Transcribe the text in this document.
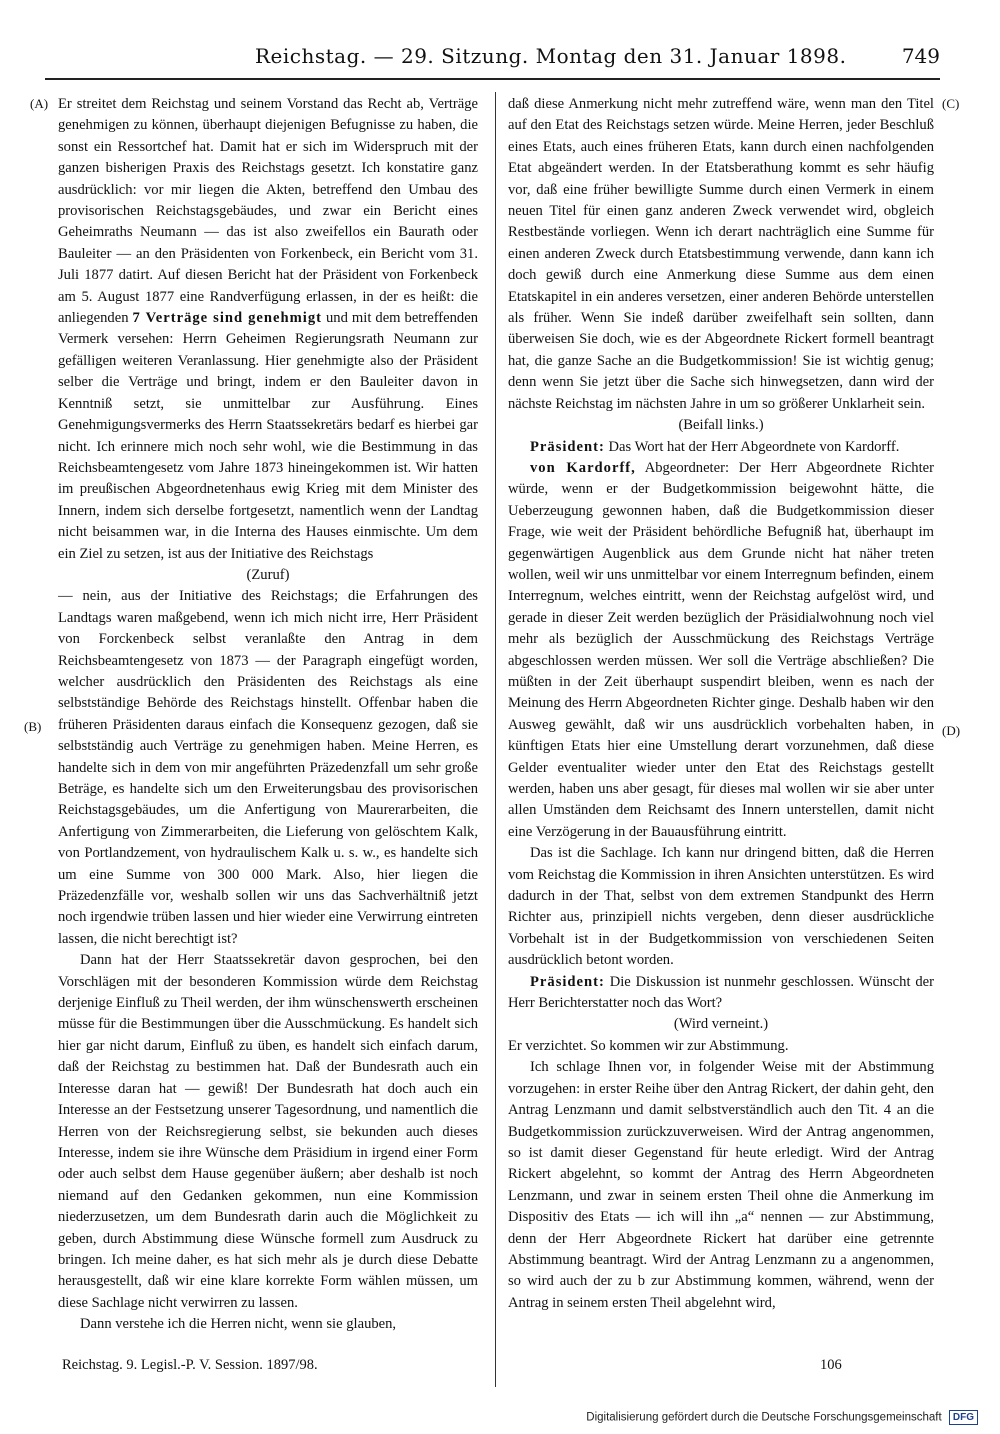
Reichstag. — 29. Sitzung. Montag den 31. Januar 1898.	749
(A)
(B)
(C)
(D)

Er streitet dem Reichstag und seinem Vorstand das Recht ab, Verträge genehmigen zu können, überhaupt diejenigen Befugnisse zu haben, die sonst ein Ressortchef hat. Damit hat er sich im Widerspruch mit der ganzen bisherigen Praxis des Reichstags gesetzt. Ich konstatire ganz ausdrücklich: vor mir liegen die Akten, betreffend den Umbau des provisorischen Reichstagsgebäudes, und zwar ein Bericht eines Geheimraths Neumann — das ist also zweifellos ein Baurath oder Bauleiter — an den Präsidenten von Forkenbeck, ein Bericht vom 31. Juli 1877 datirt. Auf diesen Bericht hat der Präsident von Forkenbeck am 5. August 1877 eine Randverfügung erlassen, in der es heißt: die anliegenden 7 Verträge sind genehmigt und mit dem betreffenden Vermerk versehen: Herrn Geheimen Regierungsrath Neumann zur gefälligen weiteren Veranlassung. Hier genehmigte also der Präsident selber die Verträge und bringt, indem er den Bauleiter davon in Kenntniß setzt, sie unmittelbar zur Ausführung. Eines Genehmigungsvermerks des Herrn Staatssekretärs bedarf es hierbei gar nicht. Ich erinnere mich noch sehr wohl, wie die Bestimmung in das Reichsbeamtengesetz vom Jahre 1873 hineingekommen ist. Wir hatten im preußischen Abgeordnetenhaus ewig Krieg mit dem Minister des Innern, indem sich derselbe fortgesetzt, namentlich wenn der Landtag nicht beisammen war, in die Interna des Hauses einmischte. Um dem ein Ziel zu setzen, ist aus der Initiative des Reichstags

(Zuruf)

— nein, aus der Initiative des Reichstags; die Erfahrungen des Landtags waren maßgebend, wenn ich mich nicht irre, Herr Präsident von Forckenbeck selbst veranlaßte den Antrag in dem Reichsbeamtengesetz von 1873 — der Paragraph eingefügt worden, welcher ausdrücklich den Präsidenten des Reichstags als eine selbstständige Behörde des Reichstags hinstellt. Offenbar haben die früheren Präsidenten daraus einfach die Konsequenz gezogen, daß sie selbstständig auch Verträge zu genehmigen haben. Meine Herren, es handelte sich in dem von mir angeführten Präzedenzfall um sehr große Beträge, es handelte sich um den Erweiterungsbau des provisorischen Reichstagsgebäudes, um die Anfertigung von Maurerarbeiten, die Anfertigung von Zimmerarbeiten, die Lieferung von gelöschtem Kalk, von Portlandzement, von hydraulischem Kalk u. s. w., es handelte sich um eine Summe von 300 000 Mark. Also, hier liegen die Präzedenzfälle vor, weshalb sollen wir uns das Sachverhältniß jetzt noch irgendwie trüben lassen und hier wieder eine Verwirrung eintreten lassen, die nicht berechtigt ist?

Dann hat der Herr Staatssekretär davon gesprochen, bei den Vorschlägen mit der besonderen Kommission würde dem Reichstag derjenige Einfluß zu Theil werden, der ihm wünschenswerth erscheinen müsse für die Bestimmungen über die Ausschmückung. Es handelt sich hier gar nicht darum, Einfluß zu üben, es handelt sich einfach darum, daß der Reichstag zu bestimmen hat. Daß der Bundesrath auch ein Interesse daran hat — gewiß! Der Bundesrath hat doch auch ein Interesse an der Festsetzung unserer Tagesordnung, und namentlich die Herren von der Reichsregierung selbst, sie bekunden auch dieses Interesse, indem sie ihre Wünsche dem Präsidium in irgend einer Form oder auch selbst dem Hause gegenüber äußern; aber deshalb ist noch niemand auf den Gedanken gekommen, nun eine Kommission niederzusetzen, um dem Bundesrath darin auch die Möglichkeit zu geben, durch Abstimmung diese Wünsche formell zum Ausdruck zu bringen. Ich meine daher, es hat sich mehr als je durch diese Debatte herausgestellt, daß wir eine klare korrekte Form wählen müssen, um diese Sachlage nicht verwirren zu lassen.

Dann verstehe ich die Herren nicht, wenn sie glauben,

daß diese Anmerkung nicht mehr zutreffend wäre, wenn man den Titel auf den Etat des Reichstags setzen würde. Meine Herren, jeder Beschluß eines Etats, auch eines früheren Etats, kann durch einen nachfolgenden Etat abgeändert werden. In der Etatsberathung kommt es sehr häufig vor, daß eine früher bewilligte Summe durch einen Vermerk in einem neuen Titel für einen ganz anderen Zweck verwendet wird, obgleich Restbestände vorliegen. Wenn ich derart nachträglich eine Summe für einen anderen Zweck durch Etatsbestimmung verwende, dann kann ich doch gewiß durch eine Anmerkung diese Summe aus dem einen Etatskapitel in ein anderes versetzen, einer anderen Behörde unterstellen als früher. Wenn Sie indeß darüber zweifelhaft sein sollten, dann überweisen Sie doch, wie es der Abgeordnete Rickert formell beantragt hat, die ganze Sache an die Budgetkommission! Sie ist wichtig genug; denn wenn Sie jetzt über die Sache sich hinwegsetzen, dann wird der nächste Reichstag im nächsten Jahre in um so größerer Unklarheit sein.

(Beifall links.)

Präsident: Das Wort hat der Herr Abgeordnete von Kardorff.

von Kardorff, Abgeordneter: Der Herr Abgeordnete Richter würde, wenn er der Budgetkommission beigewohnt hätte, die Ueberzeugung gewonnen haben, daß die Budgetkommission dieser Frage, wie weit der Präsident behördliche Befugniß hat, überhaupt im gegenwärtigen Augenblick aus dem Grunde nicht hat näher treten wollen, weil wir uns unmittelbar vor einem Interregnum befinden, einem Interregnum, welches eintritt, wenn der Reichstag aufgelöst wird, und gerade in dieser Zeit werden bezüglich der Präsidialwohnung noch viel mehr als bezüglich der Ausschmückung des Reichstags Verträge abgeschlossen werden müssen. Wer soll die Verträge abschließen? Die müßten in der Zeit überhaupt suspendirt bleiben, wenn es nach der Meinung des Herrn Abgeordneten Richter ginge. Deshalb haben wir den Ausweg gewählt, daß wir uns ausdrücklich vorbehalten haben, in künftigen Etats hier eine Umstellung derart vorzunehmen, daß diese Gelder eventualiter wieder unter den Etat des Reichstags gestellt werden, haben uns aber gesagt, für dieses mal wollen wir sie aber unter allen Umständen dem Reichsamt des Innern unterstellen, damit nicht eine Verzögerung in der Bauausführung eintritt.

Das ist die Sachlage. Ich kann nur dringend bitten, daß die Herren vom Reichstag die Kommission in ihren Ansichten unterstützen. Es wird dadurch in der That, selbst von dem extremen Standpunkt des Herrn Richter aus, prinzipiell nichts vergeben, denn dieser ausdrückliche Vorbehalt ist in der Budgetkommission von verschiedenen Seiten ausdrücklich betont worden.

Präsident: Die Diskussion ist nunmehr geschlossen. Wünscht der Herr Berichterstatter noch das Wort?

(Wird verneint.)

Er verzichtet. So kommen wir zur Abstimmung.

Ich schlage Ihnen vor, in folgender Weise mit der Abstimmung vorzugehen: in erster Reihe über den Antrag Rickert, der dahin geht, den Antrag Lenzmann und damit selbstverständlich auch den Tit. 4 an die Budgetkommission zurückzuverweisen. Wird der Antrag angenommen, so ist damit dieser Gegenstand für heute erledigt. Wird der Antrag Rickert abgelehnt, so kommt der Antrag des Herrn Abgeordneten Lenzmann, und zwar in seinem ersten Theil ohne die Anmerkung im Dispositiv des Etats — ich will ihn „a“ nennen — zur Abstimmung, denn der Herr Abgeordnete Rickert hat darüber eine getrennte Abstimmung beantragt. Wird der Antrag Lenzmann zu a angenommen, so wird auch der zu b zur Abstimmung kommen, während, wenn der Antrag in seinem ersten Theil abgelehnt wird,

Reichstag. 9. Legisl.-P. V. Session. 1897/98.	106
Digitalisierung gefördert durch die Deutsche Forschungsgemeinschaft DFG
